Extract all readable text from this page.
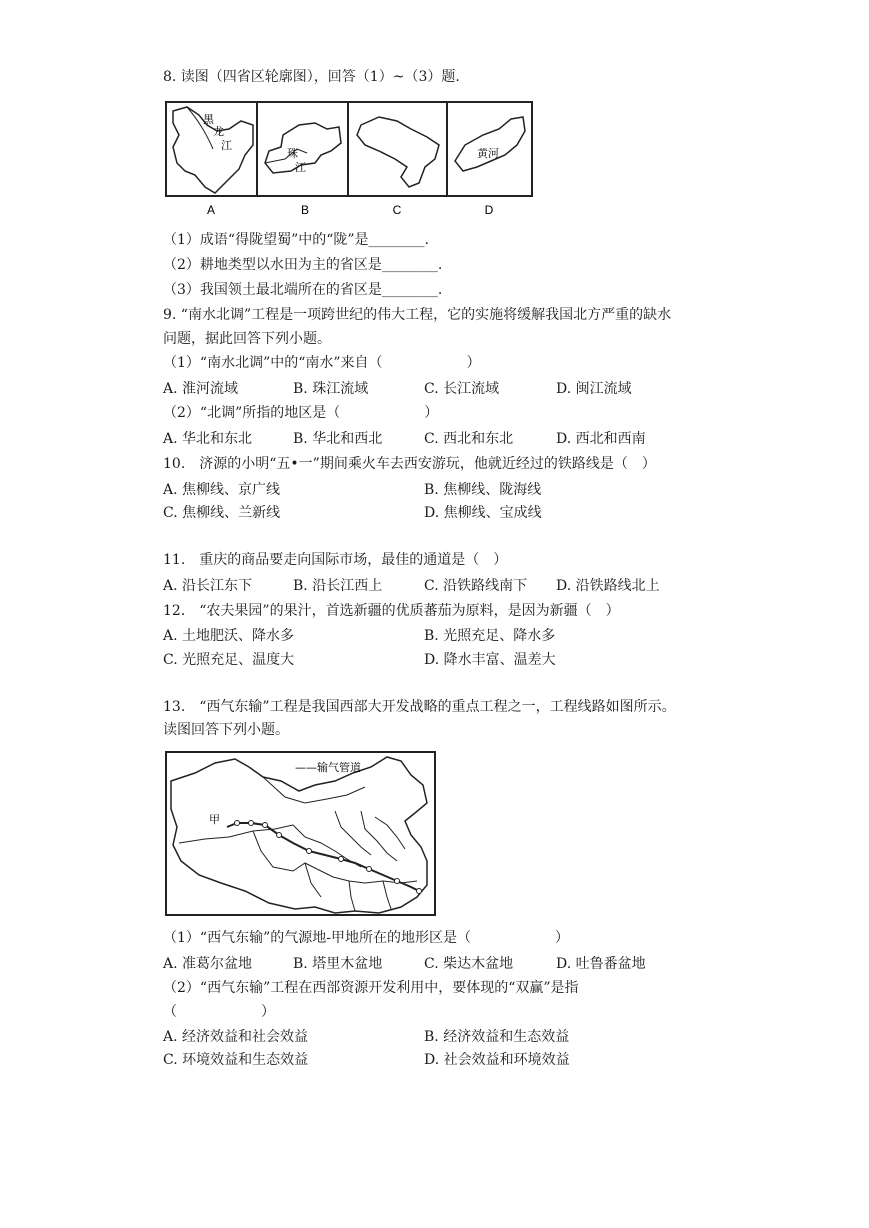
8. 读图（四省区轮廓图），回答（1）~（3）题.
黑
龙
江
珠
江
黄河
A	B	C	D
（1）成语“得陇望蜀”中的“陇”是________.
（2）耕地类型以水田为主的省区是________.
（3）我国领土最北端所在的省区是________.
9. “南水北调”工程是一项跨世纪的伟大工程，它的实施将缓解我国北方严重的缺水
问题，据此回答下列小题。
（1）“南水北调”中的“南水”来自（　　　　　　）
A. 淮河流域	B. 珠江流域	C. 长江流域	D. 闽江流域
（2）“北调”所指的地区是（　　　　　　）
A. 华北和东北	B. 华北和西北	C. 西北和东北	D. 西北和西南
10.　济源的小明“五•一”期间乘火车去西安游玩，他就近经过的铁路线是（　）
A. 焦柳线、京广线	B. 焦柳线、陇海线
C. 焦柳线、兰新线	D. 焦柳线、宝成线
11.　重庆的商品要走向国际市场，最佳的通道是（　）
A. 沿长江东下	B. 沿长江西上	C. 沿铁路线南下 D. 沿铁路线北上
12.　“农夫果园”的果汁，首选新疆的优质蕃茄为原料，是因为新疆（　）
A. 土地肥沃、降水多	B. 光照充足、降水多
C. 光照充足、温度大	D. 降水丰富、温差大
13.　“西气东输”工程是我国西部大开发战略的重点工程之一，工程线路如图所示。
读图回答下列小题。
甲
——输气管道
（1）“西气东输”的气源地-甲地所在的地形区是（　　　　　　）
A. 准葛尔盆地	B. 塔里木盆地	C. 柴达木盆地	D. 吐鲁番盆地
（2）“西气东输”工程在西部资源开发利用中，要体现的“双赢”是指
（　　　　　　）
A. 经济效益和社会效益	B. 经济效益和生态效益
C. 环境效益和生态效益	D. 社会效益和环境效益
